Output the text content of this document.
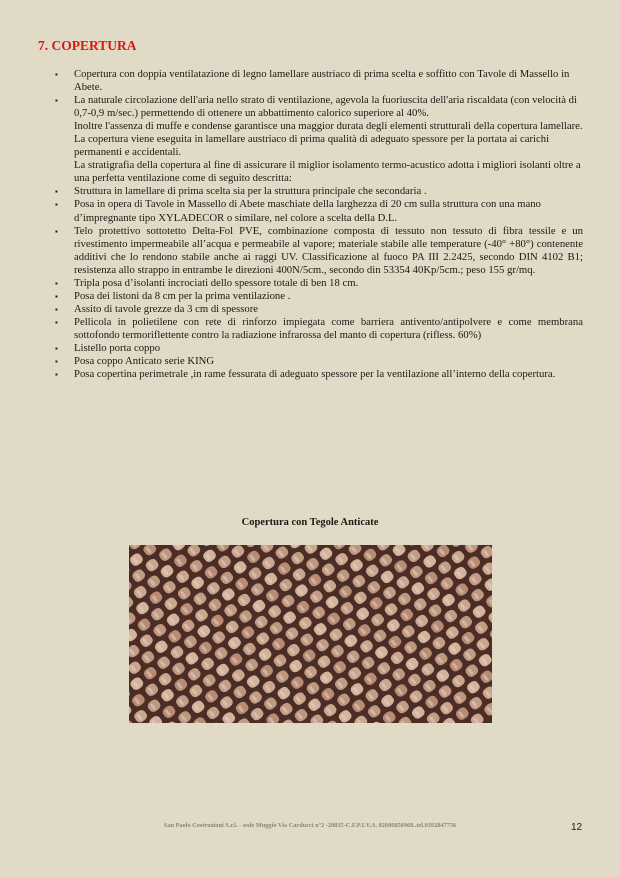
7. COPERTURA
▪ Copertura con doppia ventilatazione di legno lamellare austriaco di prima scelta e soffitto con Tavole di Massello in Abete.
▪ La naturale circolazione dell'aria nello strato di ventilazione, agevola la fuoriuscita dell'aria riscaldata (con velocità di 0,7-0,9 m/sec.) permettendo di ottenere un abbattimento calorico superiore al 40%.
Inoltre l'assenza di muffe e condense garantisce una maggior durata degli elementi strutturali della copertura lamellare. La copertura viene eseguita in lamellare austriaco di prima qualità di adeguato spessore per la portata ai carichi permanenti e accidentali.
La stratigrafia della copertura al fine di assicurare il miglior isolamento termo-acustico adotta i migliori isolanti oltre a una perfetta ventilazione come di seguito descritta:
▪ Struttura in lamellare di prima scelta sia per la struttura principale che secondaria .
▪ Posa in opera di Tavole in Massello di Abete maschiate della larghezza di 20 cm sulla struttura con una mano d’impregnante tipo XYLADECOR o similare, nel colore a scelta della D.L.
▪ Telo protettivo sottotetto Delta-Fol PVE, combinazione composta di tessuto non tessuto di fibra tessile e un rivestimento impermeabile all’acqua e permeabile al vapore; materiale stabile alle temperature (-40° +80°) contenente additivi che lo rendono stabile anche ai raggi UV. Classificazione al fuoco PA III 2.2425, secondo DIN 4102 B1; resistenza allo strappo in entrambe le direzioni 400N/5cm., secondo din 53354 40Kp/5cm.; peso 155 gr/mq.
▪ Tripla posa d’isolanti incrociati dello spessore totale di ben 18 cm.
▪ Posa dei listoni da 8 cm per la prima ventilazione .
▪ Assito di tavole grezze da 3 cm di spessore
▪ Pellicola in polietilene con rete di rinforzo impiegata come barriera antivento/antipolvere e come membrana sottofondo termoriflettente contro la radiazione infrarossa del manto di copertura (rifless. 60%)
▪ Listello porta coppo
▪ Posa coppo Anticato serie KING
▪ Posa copertina perimetrale ,in rame fessurata di adeguato spessore per la ventilazione all’interno della copertura.
Copertura con Tegole Anticate
San Paolo Costruzioni S.r.l. - sede Muggiò Via Carducci n°2 -20835-C.F.P.I.V.A. 02806850968..tel.0392847756	12
